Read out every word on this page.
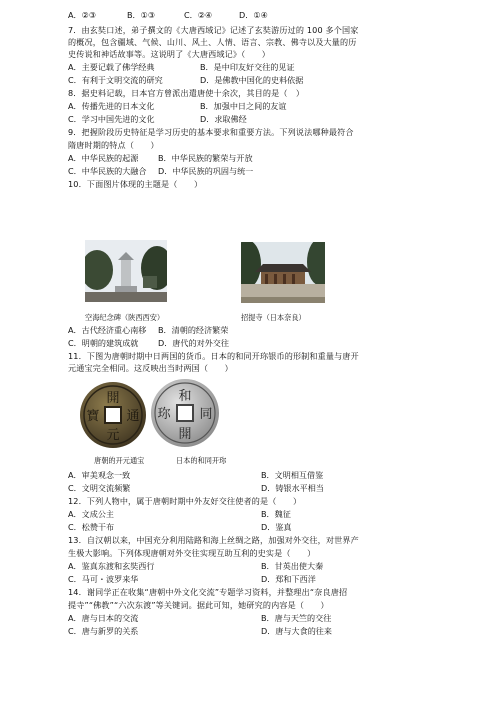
A．②③	B．①③	C．②④	D．①④
7．由玄奘口述，弟子撰文的《大唐西域记》记述了玄奘游历过的 100 多个国家
的概况，包含疆域、气候、山川、风土、人情、语言、宗教、佛寺以及大量的历
史传说和神话故事等。这说明了《大唐西域记》（　　）
A．主要记载了佛学经典	B．是中印友好交往的见证
C．有利于文明交流的研究	D．是佛教中国化的史料依据
8．据史料记载，日本官方曾派出遣唐使十余次，其目的是（　）
A．传播先进的日本文化	B．加强中日之间的友谊
C．学习中国先进的文化	D．求取佛经
9．把握阶段历史特征是学习历史的基本要求和重要方法。下列说法哪种最符合
隋唐时期的特点（　　）
A．中华民族的起源 B．中华民族的繁荣与开放
C．中华民族的大融合 D．中华民族的巩固与统一
10．下面图片体现的主题是（　　）
空海纪念碑（陕西西安）	招提寺（日本奈良）
A．古代经济重心南移 B．清朝的经济繁荣
C．明朝的建筑成就 D．唐代的对外交往
11．下图为唐朝时期中日两国的货币。日本的和同开珎银币的形制和重量与唐开
元通宝完全相同。这反映出当时两国（　　）
開
元
通
寶
和
同
開
珎
唐朝的开元通宝	日本的和同开珎
A．审美观念一致	B．文明相互借鉴
C．文明交流频繁	D．铸银水平相当
12．下列人物中，属于唐朝时期中外友好交往使者的是（　　）
A．文成公主	B．魏征
C．松赞干布	D．鉴真
13．自汉朝以来，中国充分利用陆路和海上丝绸之路，加强对外交往，对世界产
生极大影响。下列体现唐朝对外交往实现互助互利的史实是（　　）
A．鉴真东渡和玄奘西行	B．甘英出使大秦
C．马可・波罗来华	D．郑和下西洋
14．谢同学正在收集“唐朝中外文化交流”专题学习资料，并整理出“奈良唐招
提寺”“佛教”“六次东渡”等关键词。据此可知，她研究的内容是（　　）
A．唐与日本的交流	B．唐与天竺的交往
C．唐与新罗的关系	D．唐与大食的往来
